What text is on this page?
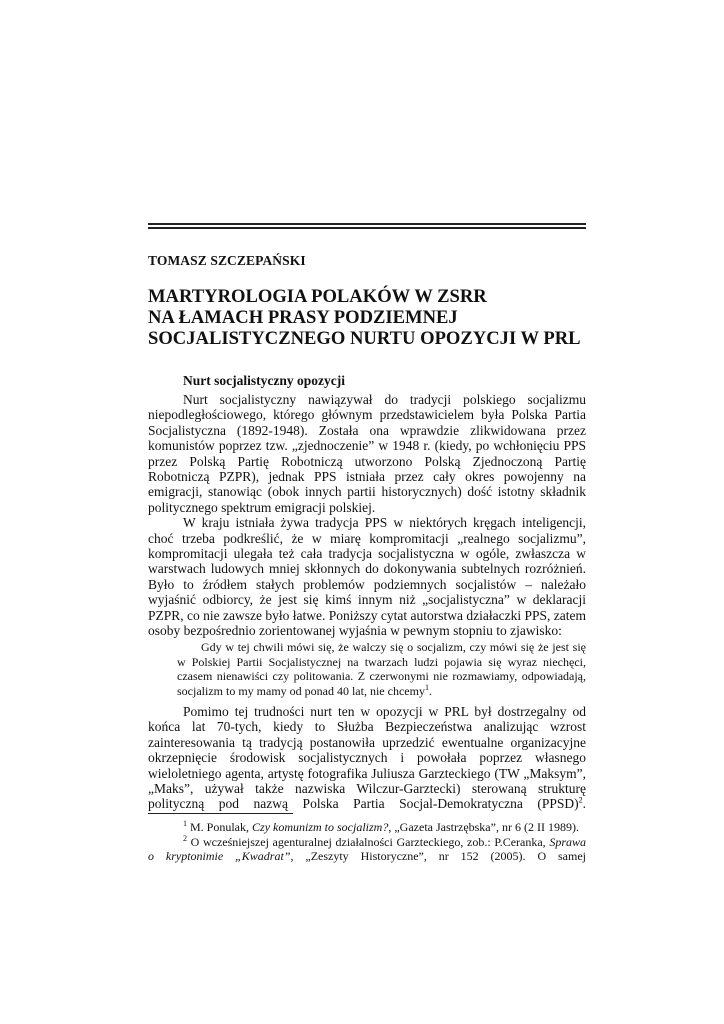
TOMASZ SZCZEPAŃSKI
MARTYROLOGIA POLAKÓW W ZSRR
NA ŁAMACH PRASY PODZIEMNEJ
SOCJALISTYCZNEGO NURTU OPOZYCJI W PRL
Nurt socjalistyczny opozycji

Nurt socjalistyczny nawiązywał do tradycji polskiego socjalizmu niepodległościowego, którego głównym przedstawicielem była Polska Partia Socjalistyczna (1892-1948). Została ona wprawdzie zlikwidowana przez komunistów poprzez tzw. „zjednoczenie” w 1948 r. (kiedy, po wchłonięciu PPS przez Polską Partię Robotniczą utworzono Polską Zjednoczoną Partię Robotniczą PZPR), jednak PPS istniała przez cały okres powojenny na emigracji, stanowiąc (obok innych partii historycznych) dość istotny składnik politycznego spektrum emigracji polskiej.

W kraju istniała żywa tradycja PPS w niektórych kręgach inteligencji, choć trzeba podkreślić, że w miarę kompromitacji „realnego socjalizmu”, kompromitacji ulegała też cała tradycja socjalistyczna w ogóle, zwłaszcza w warstwach ludowych mniej skłonnych do dokonywania subtelnych rozróżnień. Było to źródłem stałych problemów podziemnych socjalistów – należało wyjaśnić odbiorcy, że jest się kimś innym niż „socjalistyczna” w deklaracji PZPR, co nie zawsze było łatwe. Poniższy cytat autorstwa działaczki PPS, zatem osoby bezpośrednio zorientowanej wyjaśnia w pewnym stopniu to zjawisko:

Gdy w tej chwili mówi się, że walczy się o socjalizm, czy mówi się że jest się w Polskiej Partii Socjalistycznej na twarzach ludzi pojawia się wyraz niechęci, czasem nienawiści czy politowania. Z czerwonymi nie rozmawiamy, odpowiadają, socjalizm to my mamy od ponad 40 lat, nie chcemy$^1$.

Pomimo tej trudności nurt ten w opozycji w PRL był dostrzegalny od końca lat 70-tych, kiedy to Służba Bezpieczeństwa analizując wzrost zainteresowania tą tradycją postanowiła uprzedzić ewentualne organizacyjne okrzepnięcie środowisk socjalistycznych i powołała poprzez własnego wieloletniego agenta, artystę fotografika Juliusza Garzteckiego (TW „Maksym”, „Maks”, używał także nazwiska Wilczur-Garztecki) sterowaną strukturę polityczną pod nazwą Polska Partia Socjal-Demokratyczna (PPSD)$^2$.

$^1$ M. Ponulak, Czy komunizm to socjalizm?, „Gazeta Jastrzębska”, nr 6 (2 II 1989).

$^2$ O wcześniejszej agenturalnej działalności Garzteckiego, zob.: P.Ceranka, Sprawa o kryptonimie „Kwadrat”, „Zeszyty Historyczne”, nr 152 (2005). O samej
